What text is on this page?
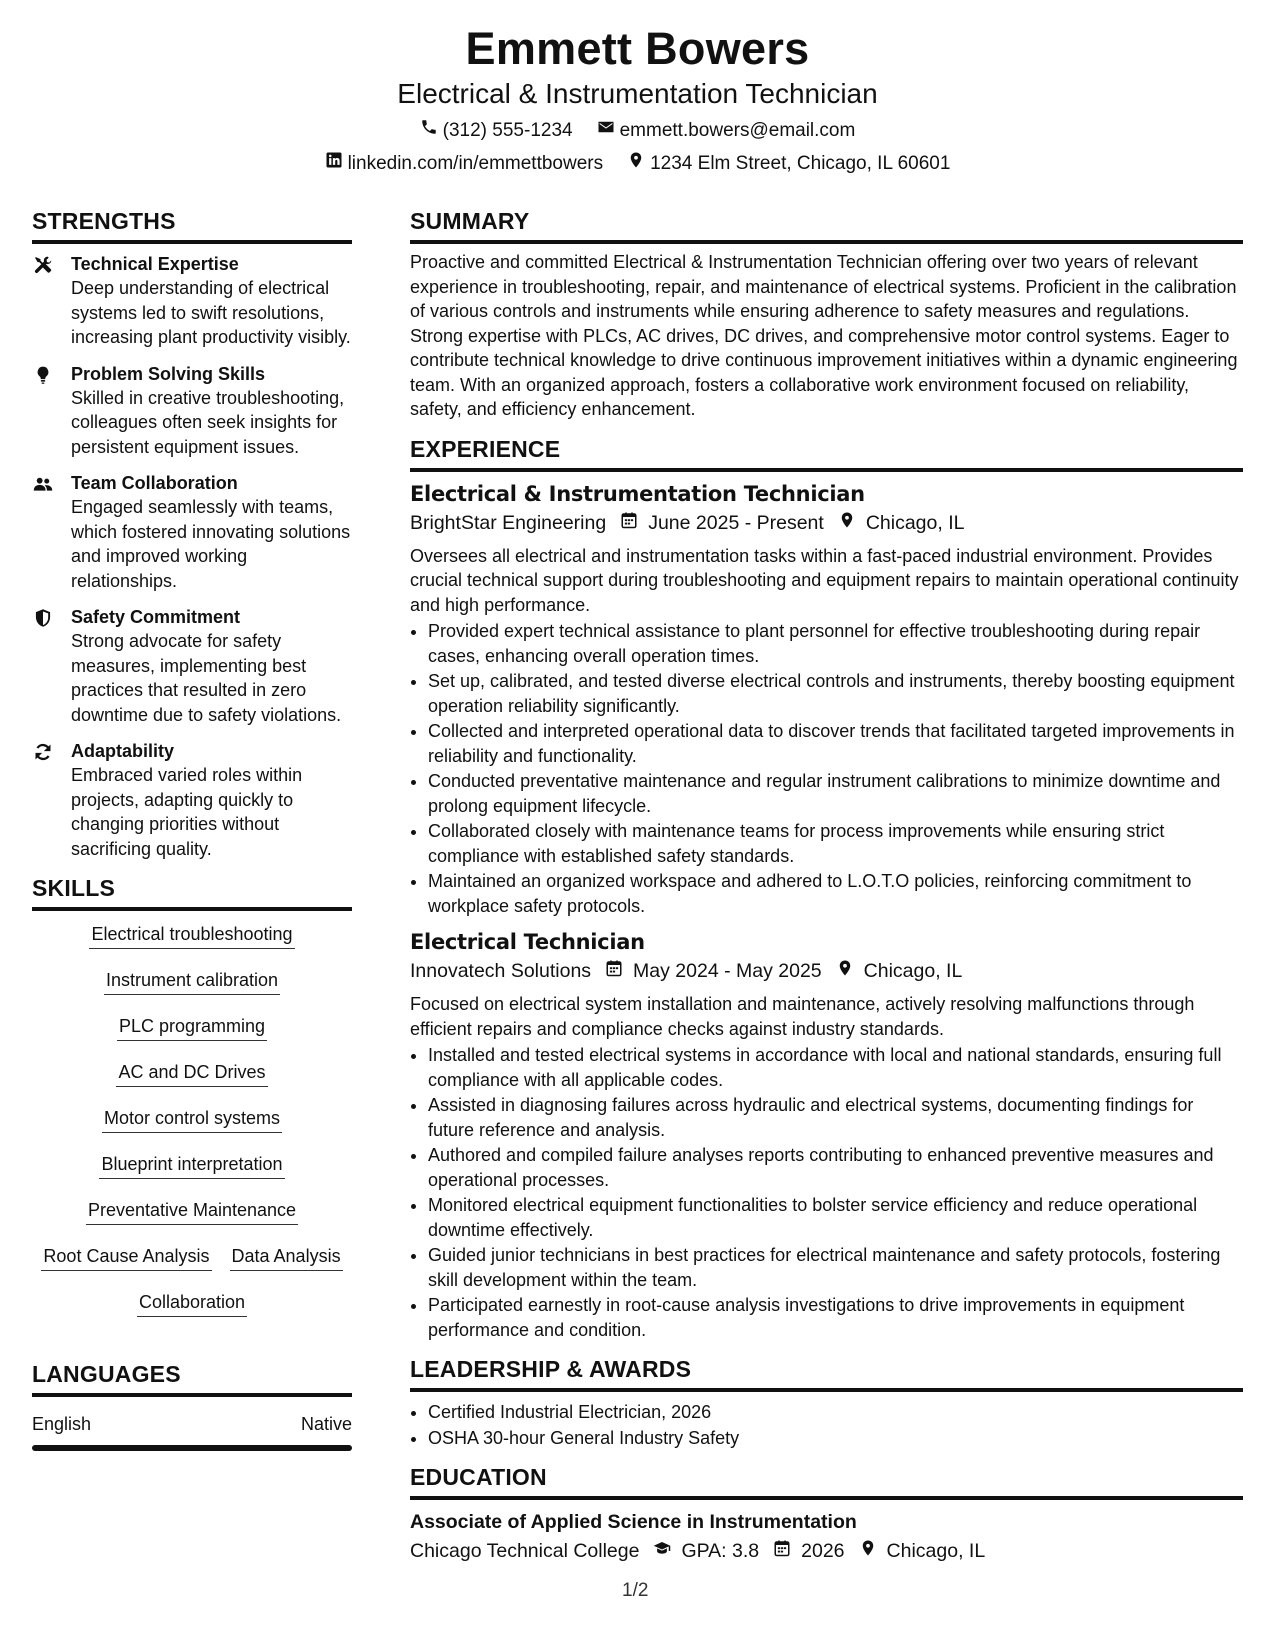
Emmett Bowers
Electrical & Instrumentation Technician
(312) 555-1234 emmett.bowers@email.com
linkedin.com/in/emmettbowers 1234 Elm Street, Chicago, IL 60601
STRENGTHS
Technical Expertise
Deep understanding of electrical systems led to swift resolutions, increasing plant productivity visibly.
Problem Solving Skills
Skilled in creative troubleshooting, colleagues often seek insights for persistent equipment issues.
Team Collaboration
Engaged seamlessly with teams, which fostered innovating solutions and improved working relationships.
Safety Commitment
Strong advocate for safety measures, implementing best practices that resulted in zero downtime due to safety violations.
Adaptability
Embraced varied roles within projects, adapting quickly to changing priorities without sacrificing quality.
SKILLS
Electrical troubleshooting
Instrument calibration
PLC programming
AC and DC Drives
Motor control systems
Blueprint interpretation
Preventative Maintenance
Root Cause Analysis Data Analysis
Collaboration
LANGUAGES
English	Native
SUMMARY
Proactive and committed Electrical & Instrumentation Technician offering over two years of relevant experience in troubleshooting, repair, and maintenance of electrical systems. Proficient in the calibration of various controls and instruments while ensuring adherence to safety measures and regulations. Strong expertise with PLCs, AC drives, DC drives, and comprehensive motor control systems. Eager to contribute technical knowledge to drive continuous improvement initiatives within a dynamic engineering team. With an organized approach, fosters a collaborative work environment focused on reliability, safety, and efficiency enhancement.
EXPERIENCE
Electrical & Instrumentation Technician
BrightStar Engineering June 2025 - Present Chicago, IL
Oversees all electrical and instrumentation tasks within a fast-paced industrial environment. Provides crucial technical support during troubleshooting and equipment repairs to maintain operational continuity and high performance.
• Provided expert technical assistance to plant personnel for effective troubleshooting during repair cases, enhancing overall operation times.
• Set up, calibrated, and tested diverse electrical controls and instruments, thereby boosting equipment operation reliability significantly.
• Collected and interpreted operational data to discover trends that facilitated targeted improvements in reliability and functionality.
• Conducted preventative maintenance and regular instrument calibrations to minimize downtime and prolong equipment lifecycle.
• Collaborated closely with maintenance teams for process improvements while ensuring strict compliance with established safety standards.
• Maintained an organized workspace and adhered to L.O.T.O policies, reinforcing commitment to workplace safety protocols.
Electrical Technician
Innovatech Solutions May 2024 - May 2025 Chicago, IL
Focused on electrical system installation and maintenance, actively resolving malfunctions through efficient repairs and compliance checks against industry standards.
• Installed and tested electrical systems in accordance with local and national standards, ensuring full compliance with all applicable codes.
• Assisted in diagnosing failures across hydraulic and electrical systems, documenting findings for future reference and analysis.
• Authored and compiled failure analyses reports contributing to enhanced preventive measures and operational processes.
• Monitored electrical equipment functionalities to bolster service efficiency and reduce operational downtime effectively.
• Guided junior technicians in best practices for electrical maintenance and safety protocols, fostering skill development within the team.
• Participated earnestly in root-cause analysis investigations to drive improvements in equipment performance and condition.
LEADERSHIP & AWARDS
• Certified Industrial Electrician, 2026
• OSHA 30-hour General Industry Safety
EDUCATION
Associate of Applied Science in Instrumentation
Chicago Technical College GPA: 3.8 2026 Chicago, IL
1/2
